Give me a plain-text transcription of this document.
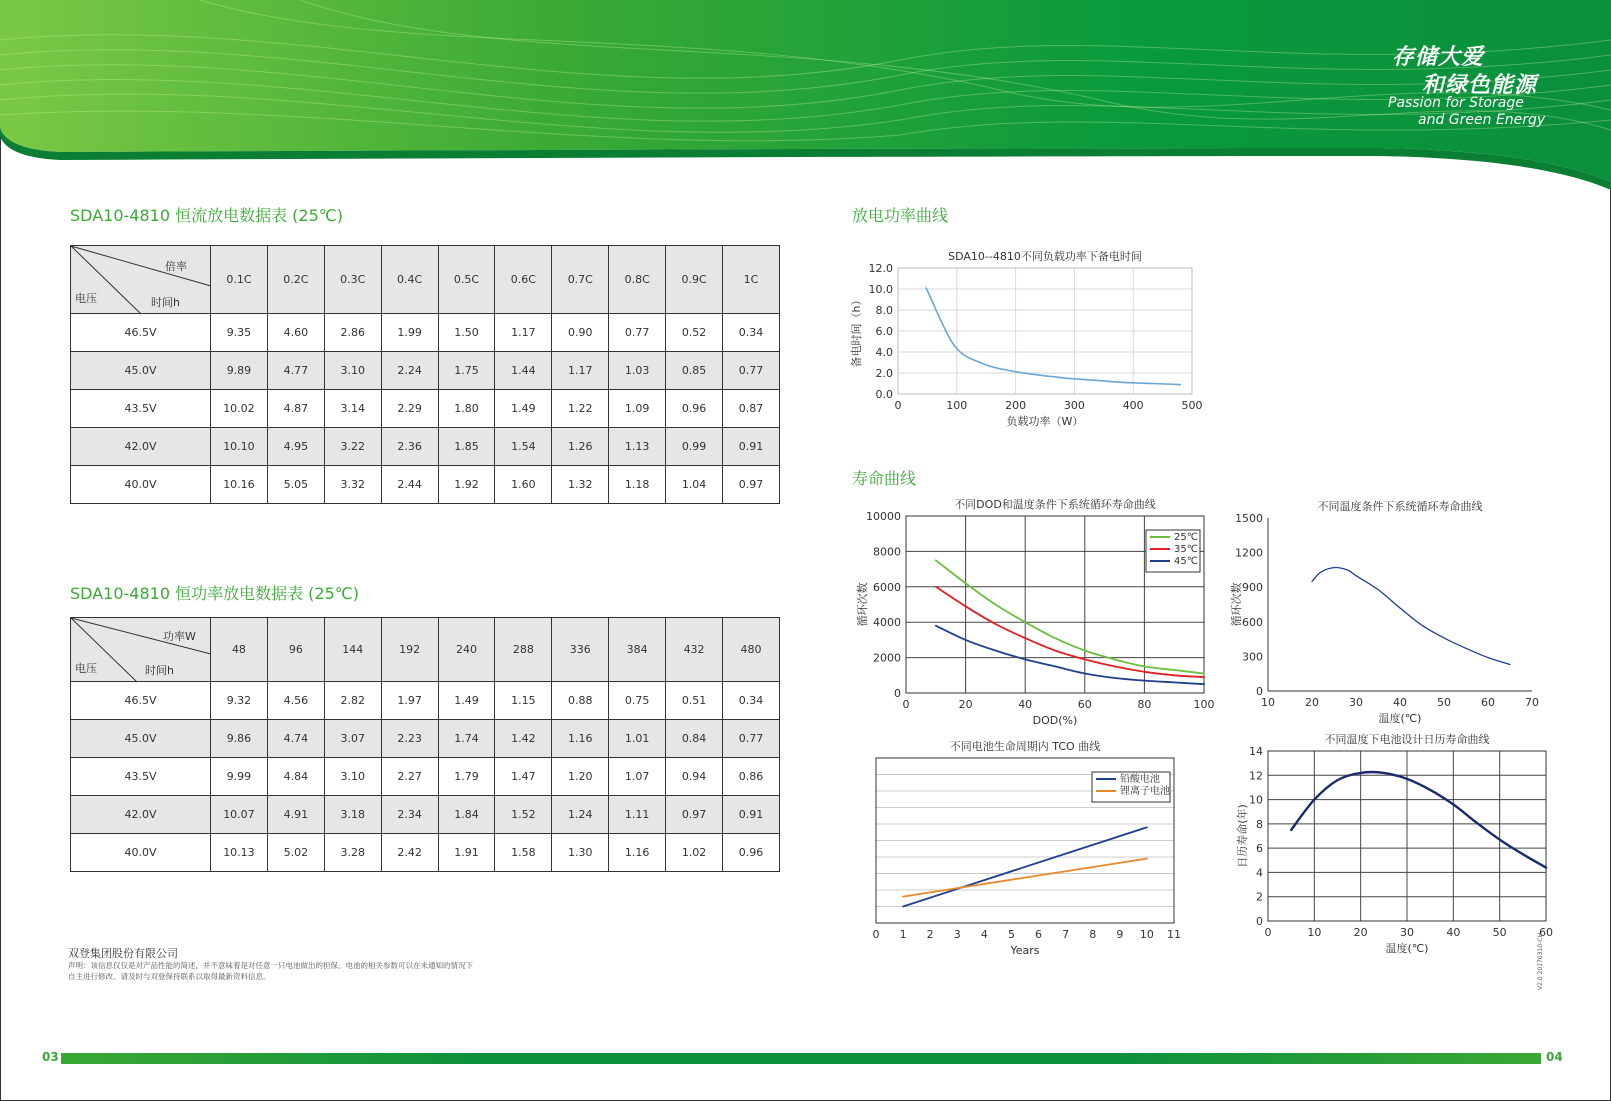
存储大爱
和绿色能源
Passion for Storage
and Green Energy
SDA10-4810 恒流放电数据表 (25℃)
倍率
时间h
电压	0.1C	0.2C	0.3C	0.4C	0.5C	0.6C	0.7C	0.8C	0.9C	1C
46.5V	9.35	4.60	2.86	1.99	1.50	1.17	0.90	0.77	0.52	0.34
45.0V	9.89	4.77	3.10	2.24	1.75	1.44	1.17	1.03	0.85	0.77
43.5V	10.02	4.87	3.14	2.29	1.80	1.49	1.22	1.09	0.96	0.87
42.0V	10.10	4.95	3.22	2.36	1.85	1.54	1.26	1.13	0.99	0.91
40.0V	10.16	5.05	3.32	2.44	1.92	1.60	1.32	1.18	1.04	0.97
SDA10-4810 恒功率放电数据表 (25℃)
功率W
时间h
电压	48	96	144	192	240	288	336	384	432	480
46.5V	9.32	4.56	2.82	1.97	1.49	1.15	0.88	0.75	0.51	0.34
45.0V	9.86	4.74	3.07	2.23	1.74	1.42	1.16	1.01	0.84	0.77
43.5V	9.99	4.84	3.10	2.27	1.79	1.47	1.20	1.07	0.94	0.86
42.0V	10.07	4.91	3.18	2.34	1.84	1.52	1.24	1.11	0.97	0.91
40.0V	10.13	5.02	3.28	2.42	1.91	1.58	1.30	1.16	1.02	0.96
放电功率曲线
寿命曲线
SDA10--4810不同负载功率下备电时间
0	100	200	300	400	500
0.0
2.0
4.0
6.0
8.0
10.0
12.0
负载功率（W）
备电时间（h）
不同DOD和温度条件下系统循环寿命曲线
0	20	40	60	80	100
0
2000
4000
6000
8000
10000
DOD(%)
循环次数
25℃
35℃
45℃
不同温度条件下系统循环寿命曲线
10	20	30	40	50	60	70
0
300
600
900
1200
1500
温度(℃)
循环次数
不同电池生命周期内 TCO 曲线
0 1 2 3 4 5 6 7 8 9 10 11
Years
铅酸电池
锂离子电池
不同温度下电池设计日历寿命曲线
0	10	20	30	40	50	60
0
2
4
6
8
10
12
14
温度(℃)
日历寿命(年)
双登集团股份有限公司
声明：该信息仅仅是对产品性能的简述，并不意味着是对任意一只电池做出的担保。电池的相关参数可以在未通知的情况下自主进行修改。请及时与双登保持联系以取得最新资料信息。
03	04
V2.0 20170310-CH
